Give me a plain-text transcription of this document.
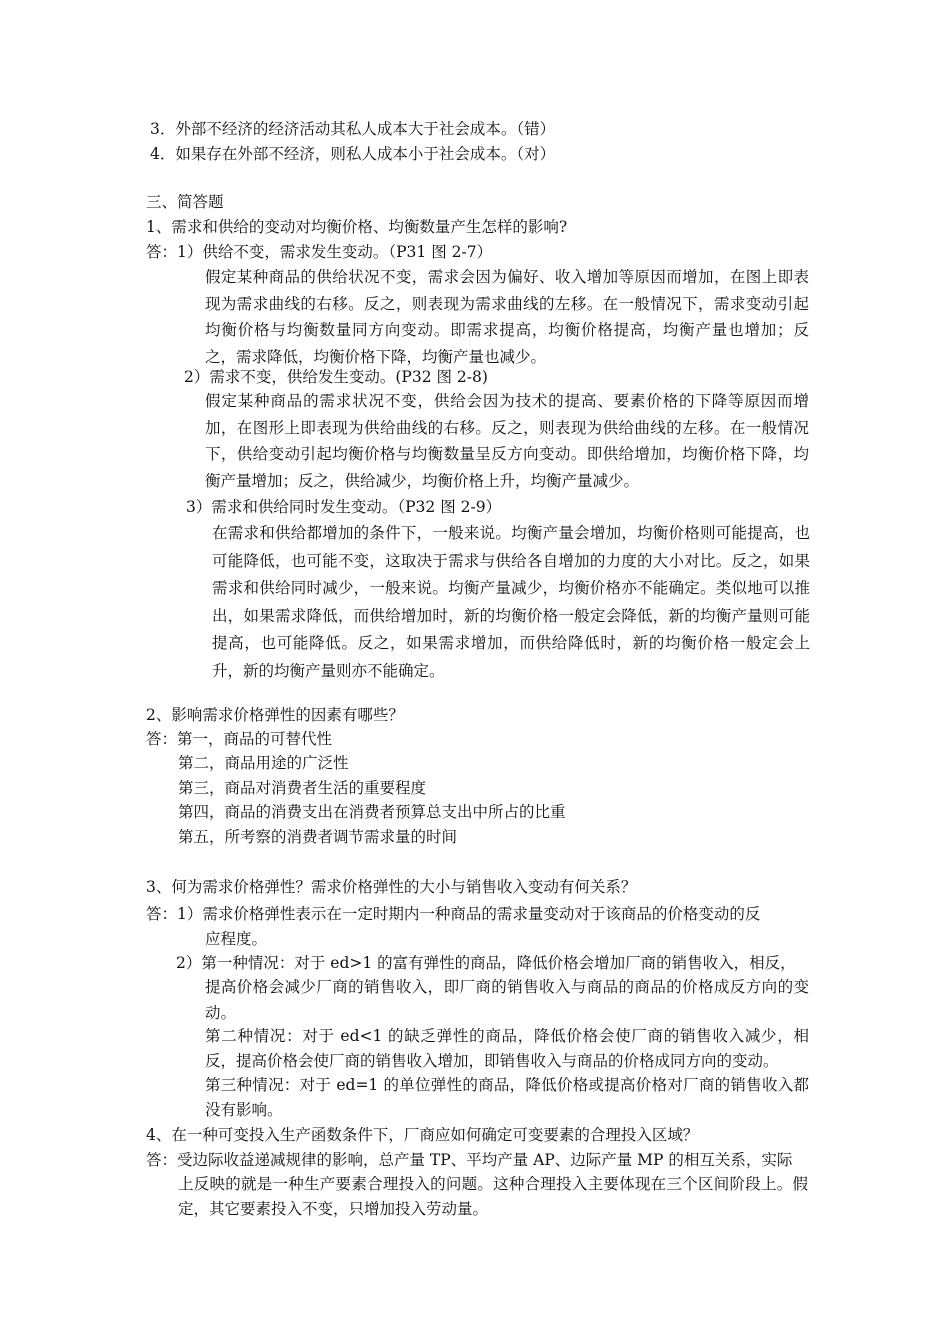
3．外部不经济的经济活动其私人成本大于社会成本。（错）
4．如果存在外部不经济，则私人成本小于社会成本。（对）
三、简答题
1、需求和供给的变动对均衡价格、均衡数量产生怎样的影响?
答：1）供给不变，需求发生变动。（P31 图 2-7）
假定某种商品的供给状况不变，需求会因为偏好、收入增加等原因而增加，在图上即表现为需求曲线的右移。反之，则表现为需求曲线的左移。在一般情况下，需求变动引起均衡价格与均衡数量同方向变动。即需求提高，均衡价格提高，均衡产量也增加；反之，需求降低，均衡价格下降，均衡产量也减少。
2）需求不变，供给发生变动。(P32 图 2-8)
假定某种商品的需求状况不变，供给会因为技术的提高、要素价格的下降等原因而增加，在图形上即表现为供给曲线的右移。反之，则表现为供给曲线的左移。在一般情况下，供给变动引起均衡价格与均衡数量呈反方向变动。即供给增加，均衡价格下降，均衡产量增加；反之，供给减少，均衡价格上升，均衡产量减少。
3）需求和供给同时发生变动。（P32 图 2-9）
在需求和供给都增加的条件下，一般来说。均衡产量会增加，均衡价格则可能提高，也可能降低，也可能不变，这取决于需求与供给各自增加的力度的大小对比。反之，如果需求和供给同时减少，一般来说。均衡产量减少，均衡价格亦不能确定。类似地可以推出，如果需求降低，而供给增加时，新的均衡价格一般定会降低，新的均衡产量则可能提高，也可能降低。反之，如果需求增加，而供给降低时，新的均衡价格一般定会上升，新的均衡产量则亦不能确定。
2、影响需求价格弹性的因素有哪些？
答：第一，商品的可替代性
第二，商品用途的广泛性
第三，商品对消费者生活的重要程度
第四，商品的消费支出在消费者预算总支出中所占的比重
第五，所考察的消费者调节需求量的时间
3、何为需求价格弹性？需求价格弹性的大小与销售收入变动有何关系？
答：1）需求价格弹性表示在一定时期内一种商品的需求量变动对于该商品的价格变动的反
应程度。
2）第一种情况：对于 ed>1 的富有弹性的商品，降低价格会增加厂商的销售收入，相反，
提高价格会减少厂商的销售收入，即厂商的销售收入与商品的商品的价格成反方向的变动。
第二种情况：对于 ed<1 的缺乏弹性的商品，降低价格会使厂商的销售收入减少，相反，提高价格会使厂商的销售收入增加，即销售收入与商品的价格成同方向的变动。
第三种情况：对于 ed=1 的单位弹性的商品，降低价格或提高价格对厂商的销售收入都没有影响。
4、在一种可变投入生产函数条件下，厂商应如何确定可变要素的合理投入区域？
答：受边际收益递减规律的影响，总产量 TP、平均产量 AP、边际产量 MP 的相互关系，实际
上反映的就是一种生产要素合理投入的问题。这种合理投入主要体现在三个区间阶段上。假定，其它要素投入不变，只增加投入劳动量。
